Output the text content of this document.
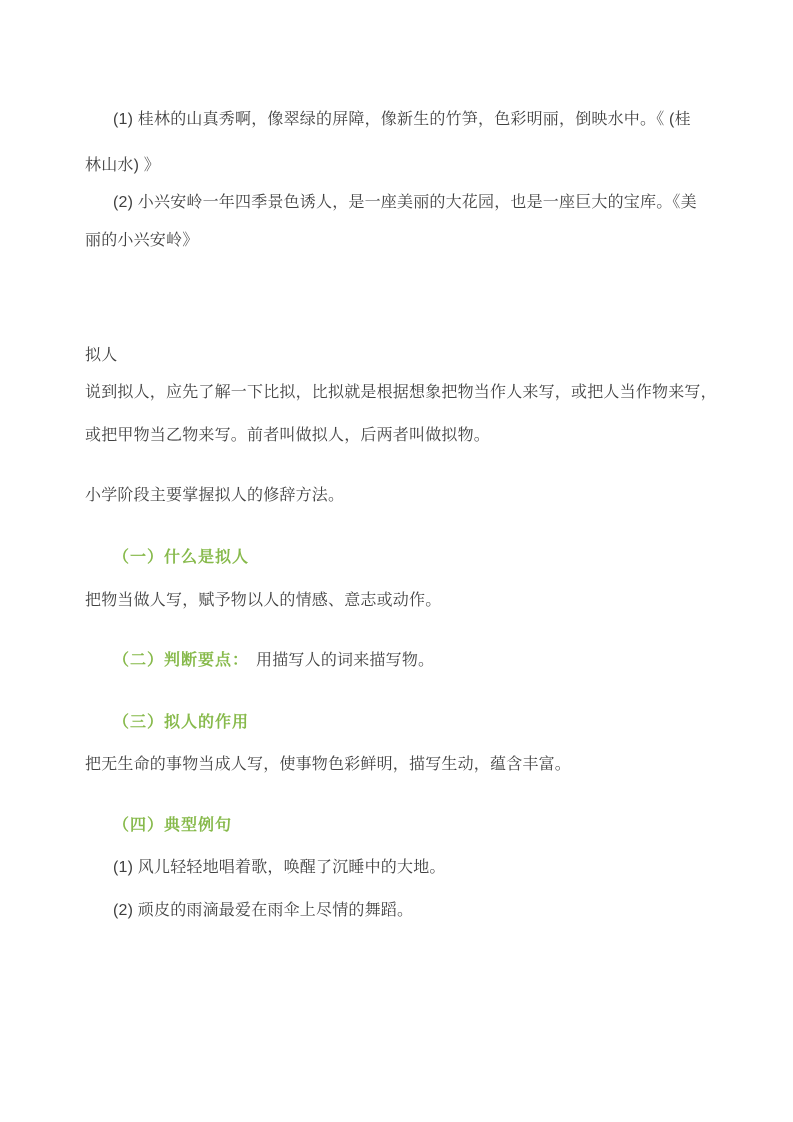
(1) 桂林的山真秀啊，像翠绿的屏障，像新生的竹笋，色彩明丽，倒映水中。《 (桂
林山水) 》
(2) 小兴安岭一年四季景色诱人，是一座美丽的大花园，也是一座巨大的宝库。《美
丽的小兴安岭》
拟人
说到拟人，应先了解一下比拟，比拟就是根据想象把物当作人来写，或把人当作物来写，
或把甲物当乙物来写。前者叫做拟人，后两者叫做拟物。
小学阶段主要掌握拟人的修辞方法。
（一）什么是拟人
把物当做人写，赋予物以人的情感、意志或动作。
（二）判断要点： 用描写人的词来描写物。
（三）拟人的作用
把无生命的事物当成人写，使事物色彩鲜明，描写生动，蕴含丰富。
（四）典型例句
(1) 风儿轻轻地唱着歌，唤醒了沉睡中的大地。
(2) 顽皮的雨滴最爱在雨伞上尽情的舞蹈。
